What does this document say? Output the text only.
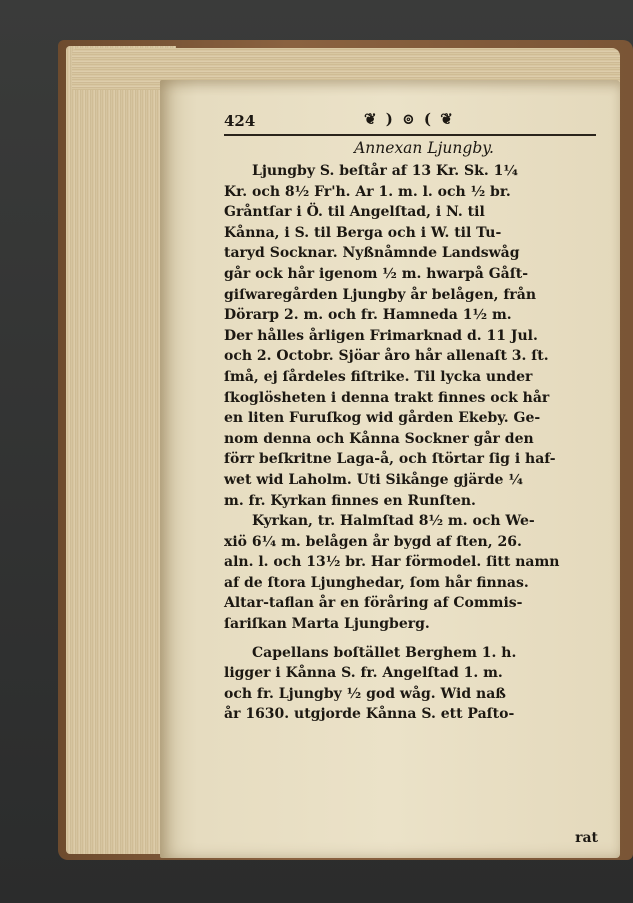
424	❦ ) ⊚ ( ❦
Annexan Ljungby.

Ljungby S. beſtår af 13 Kr. Sk. 1¼
Kr. och 8½ Fr'h. Ar 1. m. l. och ½ br.
Gråntſar i Ö. til Angelſtad, i N. til
Kånna, i S. til Berga och i W. til Tu-
taryd Socknar. Nyßnåmnde Landswåg
går ock hår igenom ½ m. hwarpå Gåſt-
giſwaregården Ljungby år belågen, från
Dörarp 2. m. och fr. Hamneda 1½ m.
Der hålles årligen Frimarknad d. 11 Jul.
och 2. Octobr. Sjöar åro hår allenaſt 3. ſt.
ſmå, ej ſårdeles fiſtrike. Til lycka under
ſkoglösheten i denna trakt finnes ock hår
en liten Furuſkog wid gården Ekeby. Ge-
nom denna och Kånna Sockner går den
förr beſkritne Laga-å, och ſtörtar ſig i haf-
wet wid Laholm. Uti Sikånge gjärde ¼
m. fr. Kyrkan finnes en Runſten.

Kyrkan, tr. Halmſtad 8½ m. och We-
xiö 6¼ m. belågen år bygd af ſten, 26.
aln. l. och 13½ br. Har förmodel. ſitt namn
af de ſtora Ljunghedar, ſom hår finnas.
Altar-taflan år en föråring af Commis-
ſariſkan Marta Ljungberg.

Capellans boſtället Berghem 1. h.
ligger i Kånna S. fr. Angelſtad 1. m.
och fr. Ljungby ½ god wåg. Wid naß
år 1630. utgjorde Kånna S. ett Paſto-

rat
